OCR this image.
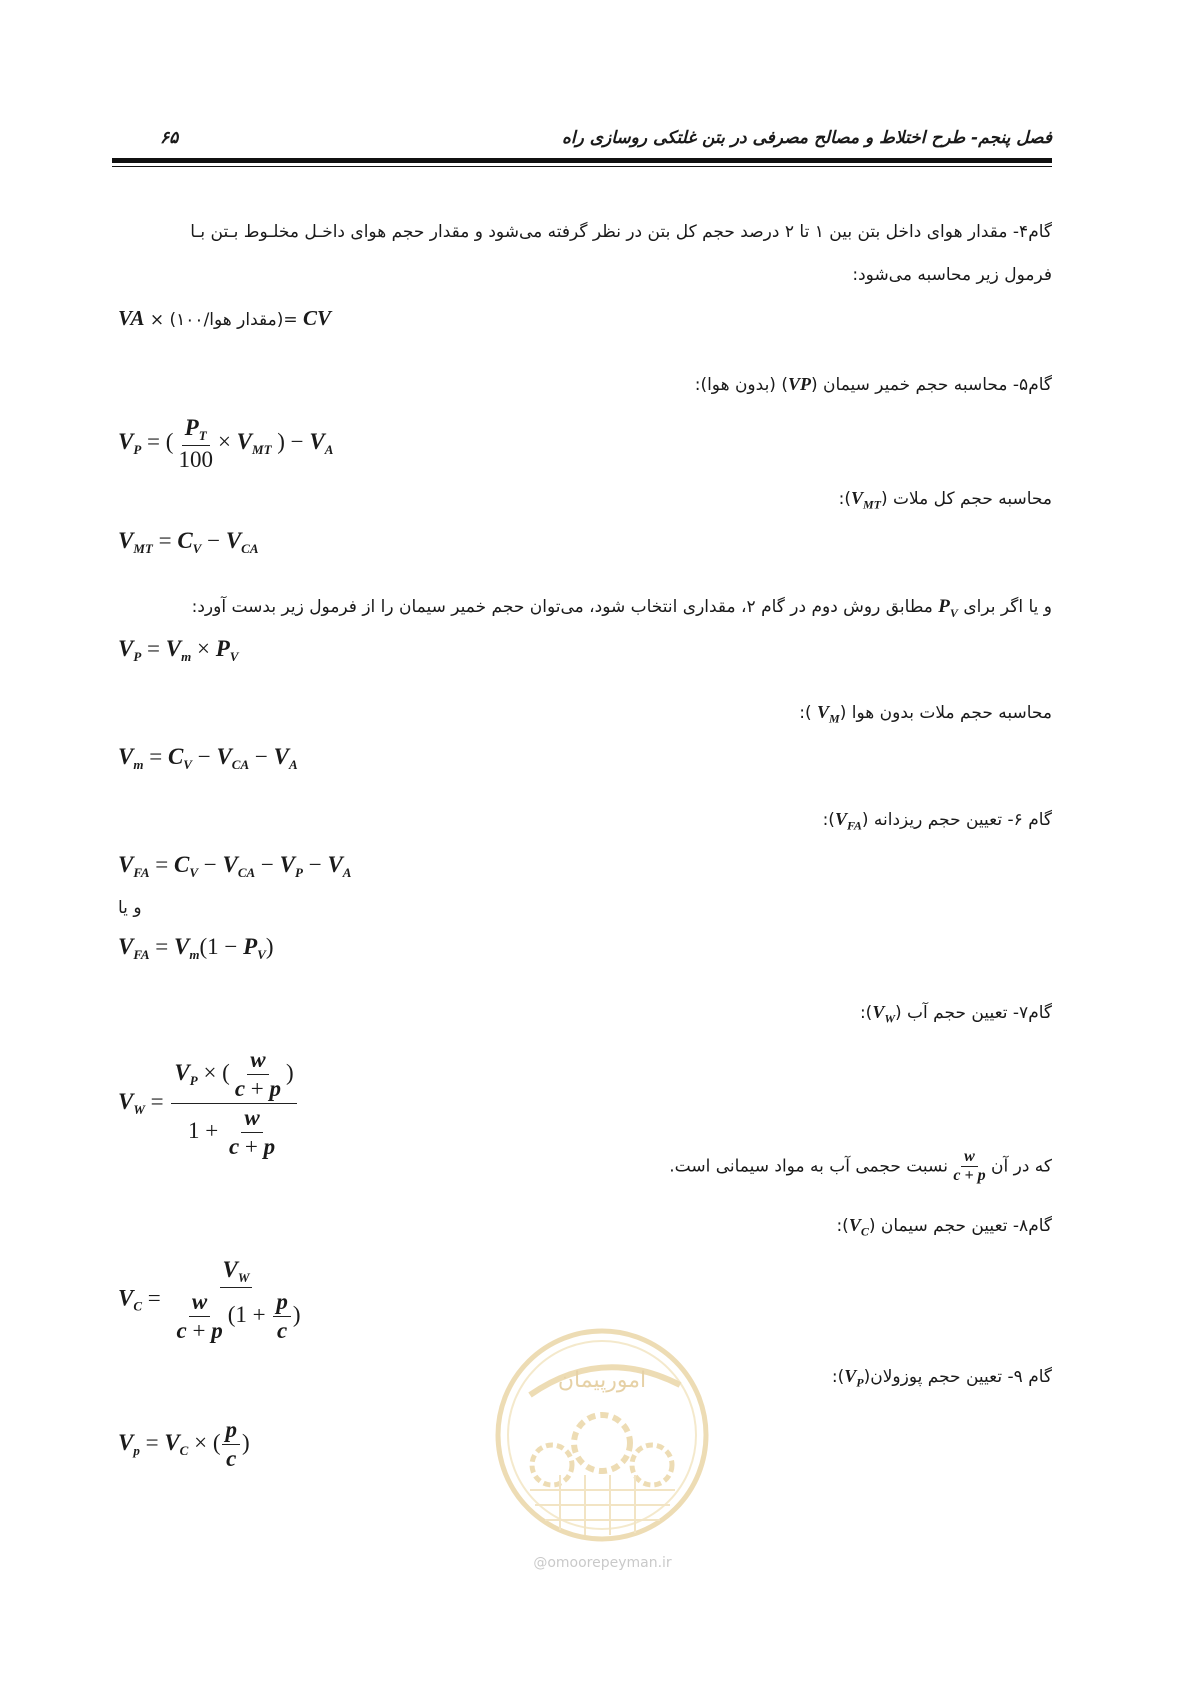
۶۵	فصل پنجم- طرح اختلاط و مصالح مصرفی در بتن غلتکی روسازی راه
گام۴- مقدار هوای داخل بتن بین ۱ تا ۲ درصد حجم کل بتن در نظر گرفته می‌شود و مقدار حجم هوای داخـل مخلـوط بـتن بـا
فرمول زیر محاسبه می‌شود:
VA =(مقدار هوا/۱۰۰) × CV
گام۵- محاسبه حجم خمیر سیمان (VP) (بدون هوا):
$V_P$ = ( $\frac{P_T}{100} \times V_{MT}$ ) − $V_A$
محاسبه حجم کل ملات $(V_{MT})$:
$V_{MT} = C_V - V_{CA}$
و یا اگر برای $P_V$ مطابق روش دوم در گام ۲، مقداری انتخاب شود، می‌توان حجم خمیر سیمان را از فرمول زیر بدست آورد:
$V_P = V_m \times P_V$
محاسبه حجم ملات بدون هوا ($V_M$ ):
$V_m = C_V - V_{CA} - V_A$
گام ۶- تعیین حجم ریزدانه $(V_{FA})$:
$V_{FA} = C_V - V_{CA} - V_P - V_A$
و یا
$V_{FA} = V_m(1 - P_V)$
گام۷- تعیین حجم آب $(V_W)$:
$V_W = \frac{V_P \times ( \frac{w}{c + p} )}{1 + \frac{w}{c + p}}$
که در آن
$\frac{w}{c + p}$
نسبت حجمی آب به مواد سیمانی است.
گام۸- تعیین حجم سیمان $(V_C)$:
$V_C = \frac{V_W}{\frac{w}{c + p} (1 + \frac{p}{c} )}$
گام ۹- تعیین حجم $پوزولان(V_P)$:
$V_p = V_C$ × ( $\frac{p}{c}$ )
امورپیمان
@omoorepeyman.ir
